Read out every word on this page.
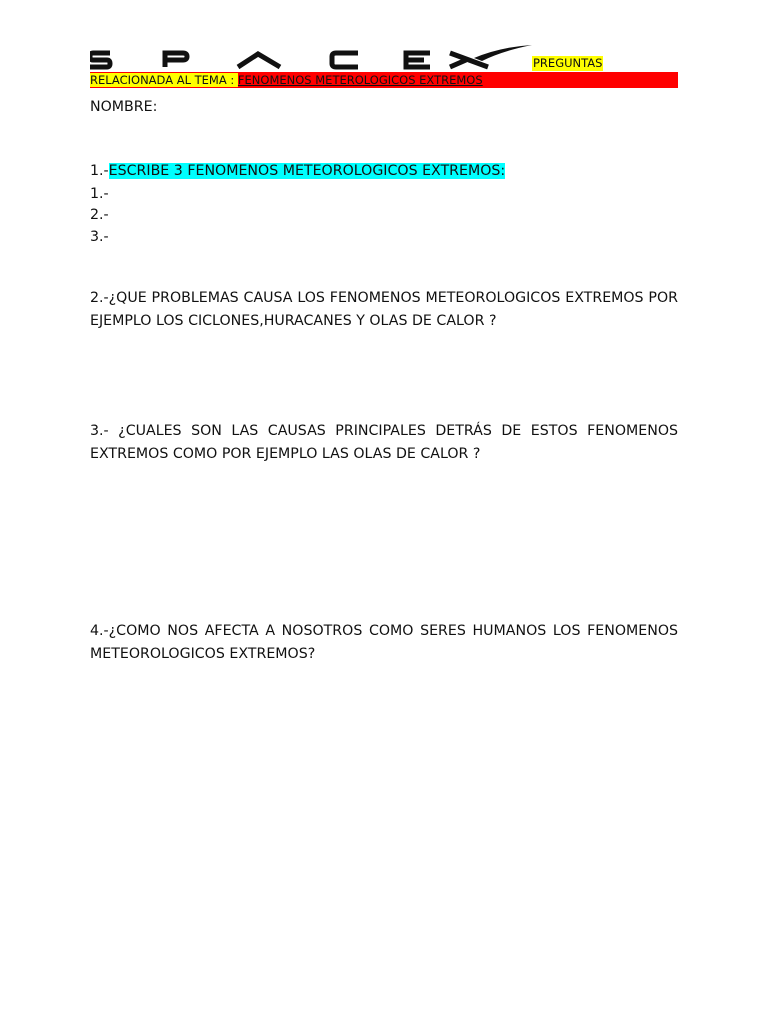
PREGUNTAS
RELACIONADA AL TEMA : FENOMENOS METEROLOGICOS EXTREMOS
NOMBRE:
1.-ESCRIBE 3 FENOMENOS METEOROLOGICOS EXTREMOS:
1.-
2.-
3.-
2.-¿QUE PROBLEMAS CAUSA LOS FENOMENOS METEOROLOGICOS EXTREMOS POR EJEMPLO LOS CICLONES,HURACANES Y OLAS DE CALOR ?
3.- ¿CUALES SON LAS CAUSAS PRINCIPALES DETRÁS DE ESTOS FENOMENOS EXTREMOS COMO POR EJEMPLO LAS OLAS DE CALOR ?
4.-¿COMO NOS AFECTA A NOSOTROS COMO SERES HUMANOS LOS FENOMENOS METEOROLOGICOS EXTREMOS?
